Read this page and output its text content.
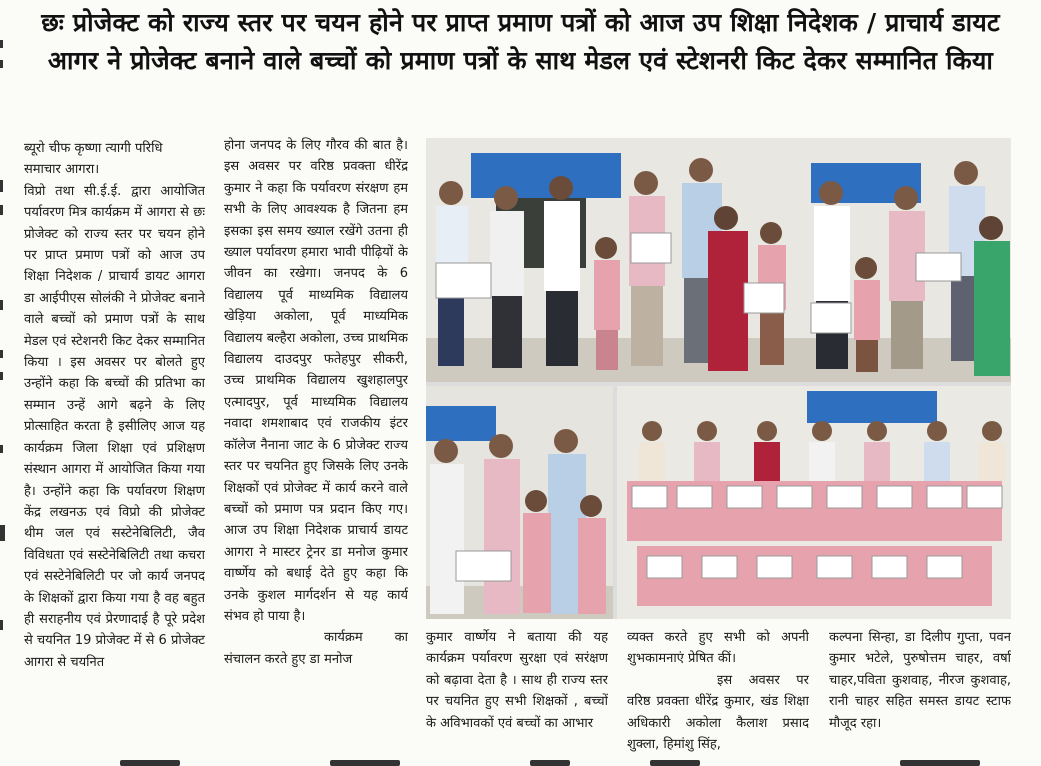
छः प्रोजेक्ट को राज्य स्तर पर चयन होने पर प्राप्त प्रमाण पत्रों को आज उप शिक्षा निदेशक / प्राचार्य डायट आगर ने प्रोजेक्ट बनाने वाले बच्चों को प्रमाण पत्रों के साथ मेडल एवं स्टेशनरी किट देकर सम्मानित किया

ब्यूरो चीफ कृष्णा त्यागी परिधि समाचार आगरा।

विप्रो तथा सी.ई.ई. द्वारा आयोजित पर्यावरण मित्र कार्यक्रम में आगरा से छः प्रोजेक्ट को राज्य स्तर पर चयन होने पर प्राप्त प्रमाण पत्रों को आज उप शिक्षा निदेशक / प्राचार्य डायट आगरा डा आईपीएस सोलंकी ने प्रोजेक्ट बनाने वाले बच्चों को प्रमाण पत्रों के साथ मेडल एवं स्टेशनरी किट देकर सम्मानित किया । इस अवसर पर बोलते हुए उन्होंने कहा कि बच्चों की प्रतिभा का सम्मान उन्हें आगे बढ़ने के लिए प्रोत्साहित करता है इसीलिए आज यह कार्यक्रम जिला शिक्षा एवं प्रशिक्षण संस्थान आगरा में आयोजित किया गया है। उन्होंने कहा कि पर्यावरण शिक्षण केंद्र लखनऊ एवं विप्रो की प्रोजेक्ट थीम जल एवं सस्टेनेबिलिटी, जैव विविधता एवं सस्टेनेबिलिटी तथा कचरा एवं सस्टेनेबिलिटी पर जो कार्य जनपद के शिक्षकों द्वारा किया गया है वह बहुत ही सराहनीय एवं प्रेरणादाई है पूरे प्रदेश से चयनित 19 प्रोजेक्ट में से 6 प्रोजेक्ट आगरा से चयनित

होना जनपद के लिए गौरव की बात है। इस अवसर पर वरिष्ठ प्रवक्ता धीरेंद्र कुमार ने कहा कि पर्यावरण संरक्षण हम सभी के लिए आवश्यक है जितना हम इसका इस समय ख्याल रखेंगे उतना ही ख्याल पर्यावरण हमारा भावी पीढ़ियों के जीवन का रखेगा। जनपद के 6 विद्यालय पूर्व माध्यमिक विद्यालय खेड़िया अकोला, पूर्व माध्यमिक विद्यालय बल्हैरा अकोला, उच्च प्राथमिक विद्यालय दाउदपुर फतेहपुर सीकरी, उच्च प्राथमिक विद्यालय खुशहालपुर एत्मादपुर, पूर्व माध्यमिक विद्यालय नवादा शमशाबाद एवं राजकीय इंटर कॉलेज नैनाना जाट के 6 प्रोजेक्ट राज्य स्तर पर चयनित हुए जिसके लिए उनके शिक्षकों एवं प्रोजेक्ट में कार्य करने वाले बच्चों को प्रमाण पत्र प्रदान किए गए। आज उप शिक्षा निदेशक प्राचार्य डायट आगरा ने मास्टर ट्रेनर डा मनोज कुमार वार्ष्णेय को बधाई देते हुए कहा कि उनके कुशल मार्गदर्शन से यह कार्य संभव हो पाया है।

कार्यक्रम का संचालन करते हुए डा मनोज

कुमार वार्ष्णेय ने बताया की यह कार्यक्रम पर्यावरण सुरक्षा एवं सरंक्षण को बढ़ावा देता है । साथ ही राज्य स्तर पर चयनित हुए सभी शिक्षकों , बच्चों के अविभावकों एवं बच्चों का आभार

व्यक्त करते हुए सभी को अपनी शुभकामनाएं प्रेषित कीं।

इस अवसर पर वरिष्ठ प्रवक्ता धीरेंद्र कुमार, खंड शिक्षा अधिकारी अकोला कैलाश प्रसाद शुक्ला, हिमांशु सिंह,

कल्पना सिन्हा, डा दिलीप गुप्ता, पवन कुमार भटेले, पुरुषोत्तम चाहर, वर्षा चाहर,पविता कुशवाह, नीरज कुशवाह, रानी चाहर सहित समस्त डायट स्टाफ मौजूद रहा।
